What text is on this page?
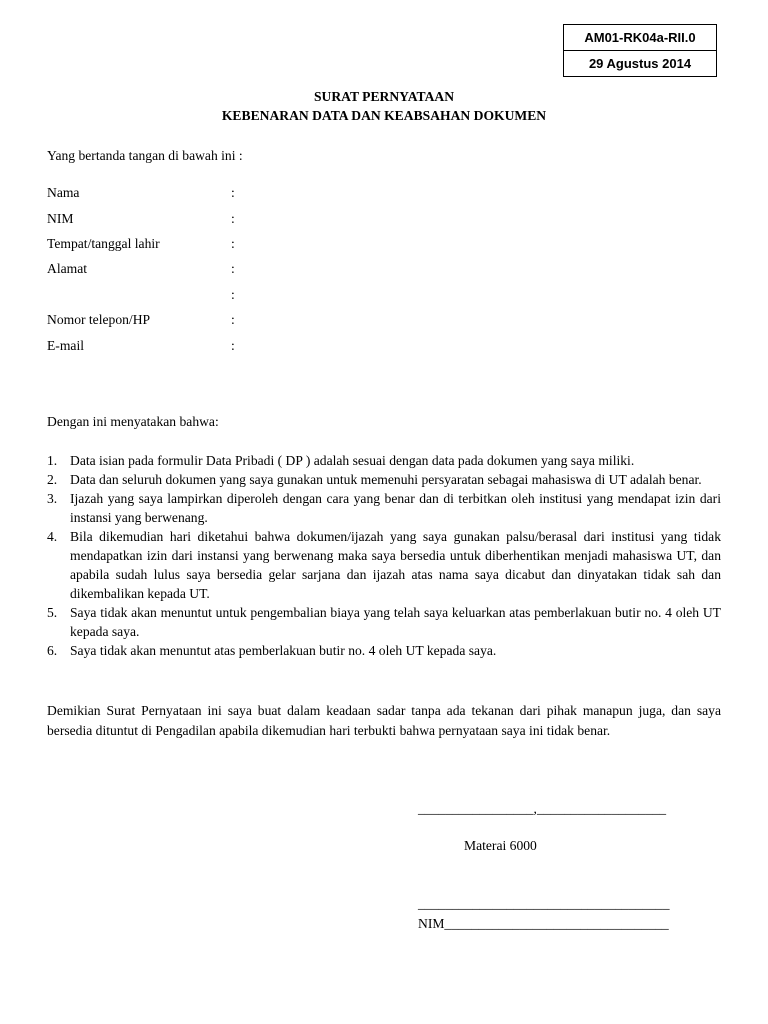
AM01-RK04a-RII.0
29 Agustus 2014
SURAT PERNYATAAN
KEBENARAN DATA DAN KEABSAHAN DOKUMEN
Yang bertanda tangan di bawah ini :
Nama	:
NIM	:
Tempat/tanggal lahir	:
Alamat	:
:
Nomor telepon/HP	:
E-mail	:
Dengan ini menyatakan bahwa:
1. Data isian pada formulir Data Pribadi ( DP ) adalah sesuai dengan data pada dokumen yang saya miliki.
2. Data dan seluruh dokumen yang saya gunakan untuk memenuhi persyaratan sebagai mahasiswa di UT adalah benar.
3. Ijazah yang saya lampirkan diperoleh dengan cara yang benar dan di terbitkan oleh institusi yang mendapat izin dari instansi yang berwenang.
4. Bila dikemudian hari diketahui bahwa dokumen/ijazah yang saya gunakan palsu/berasal dari institusi yang tidak mendapatkan izin dari instansi yang berwenang maka saya bersedia untuk diberhentikan menjadi mahasiswa UT, dan apabila sudah lulus saya bersedia gelar sarjana dan ijazah atas nama saya dicabut dan dinyatakan tidak sah dan dikembalikan kepada UT.
5. Saya tidak akan menuntut untuk pengembalian biaya yang telah saya keluarkan atas pemberlakuan butir no. 4 oleh UT kepada saya.
6. Saya tidak akan menuntut atas pemberlakuan butir no. 4 oleh UT kepada saya.
Demikian Surat Pernyataan ini saya buat dalam keadaan sadar tanpa ada tekanan dari pihak manapun juga, dan saya bersedia dituntut di Pengadilan apabila dikemudian hari terbukti bahwa pernyataan saya ini tidak benar.
_________________,___________________
Materai 6000
_____________________________________
NIM_________________________________
